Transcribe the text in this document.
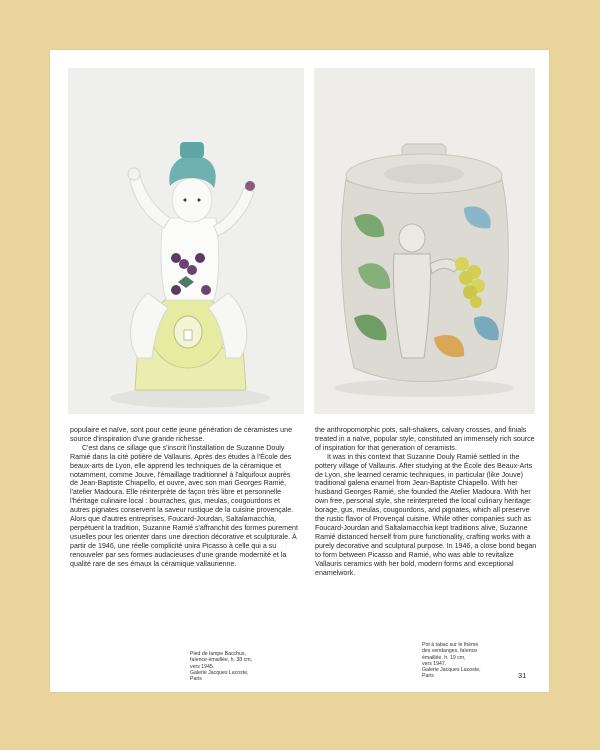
populaire et naïve, sont pour cette jeune génération de céramistes une source d'inspiration d'une grande richesse.

C'est dans ce sillage que s'inscrit l'installation de Suzanne Douly Ramié dans la cité potière de Vallauris. Après des études à l'École des beaux-arts de Lyon, elle apprend les techniques de la céramique et notamment, comme Jouve, l'émaillage traditionnel à l'alquifoux auprès de Jean-Baptiste Chiapello, et ouvre, avec son mari Georges Ramié, l'atelier Madoura. Elle réinterprète de façon très libre et personnelle l'héritage culinaire local : bourraches, gus, meulas, cougourdons et autres pignates conservent la saveur rustique de la cuisine provençale. Alors que d'autres entreprises, Foucard-Jourdan, Saltalamacchia, perpétuent la tradition, Suzanne Ramié s'affranchit des formes purement usuelles pour les orienter dans une direction décorative et sculpturale. À partir de 1946, une réelle complicité unira Picasso à celle qui a su renouveler par ses formes audacieuses d'une grande modernité et la qualité rare de ses émaux la céramique vallaurienne.

the anthropomorphic pots, salt-shakers, calvary crosses, and finials treated in a naïve, popular style, constituted an immensely rich source of inspiration for that generation of ceramists.

It was in this context that Suzanne Douly Ramié settled in the pottery village of Vallauris. After studying at the École des Beaux-Arts de Lyon, she learned ceramic techniques, in particular (like Jouve) traditional galena enamel from Jean-Baptiste Chiapello. With her husband Georges Ramié, she founded the Atelier Madoura. With her own free, personal style, she reinterpreted the local culinary heritage: borage, gus, meulas, cougourdons, and pignates, which all preserve the rustic flavor of Provençal cuisine. While other companies such as Foucard-Jourdan and Saltalamacchia kept traditions alive, Suzanne Ramié distanced herself from pure functionality, crafting works with a purely decorative and sculptural purpose. In 1946, a close bond began to form between Picasso and Ramié, who was able to revitalize Vallauris ceramics with her bold, modern forms and exceptional enamelwork.

Pied de lampe Bacchus,
faïence émaillée, h. 38 cm,
vers 1945.
Galerie Jacques Lacoste,
Paris
Pot à tabac sur le thème
des vendanges, faïence
émaillée, h. 19 cm,
vers 1947.
Galerie Jacques Lacoste,
Paris	31
